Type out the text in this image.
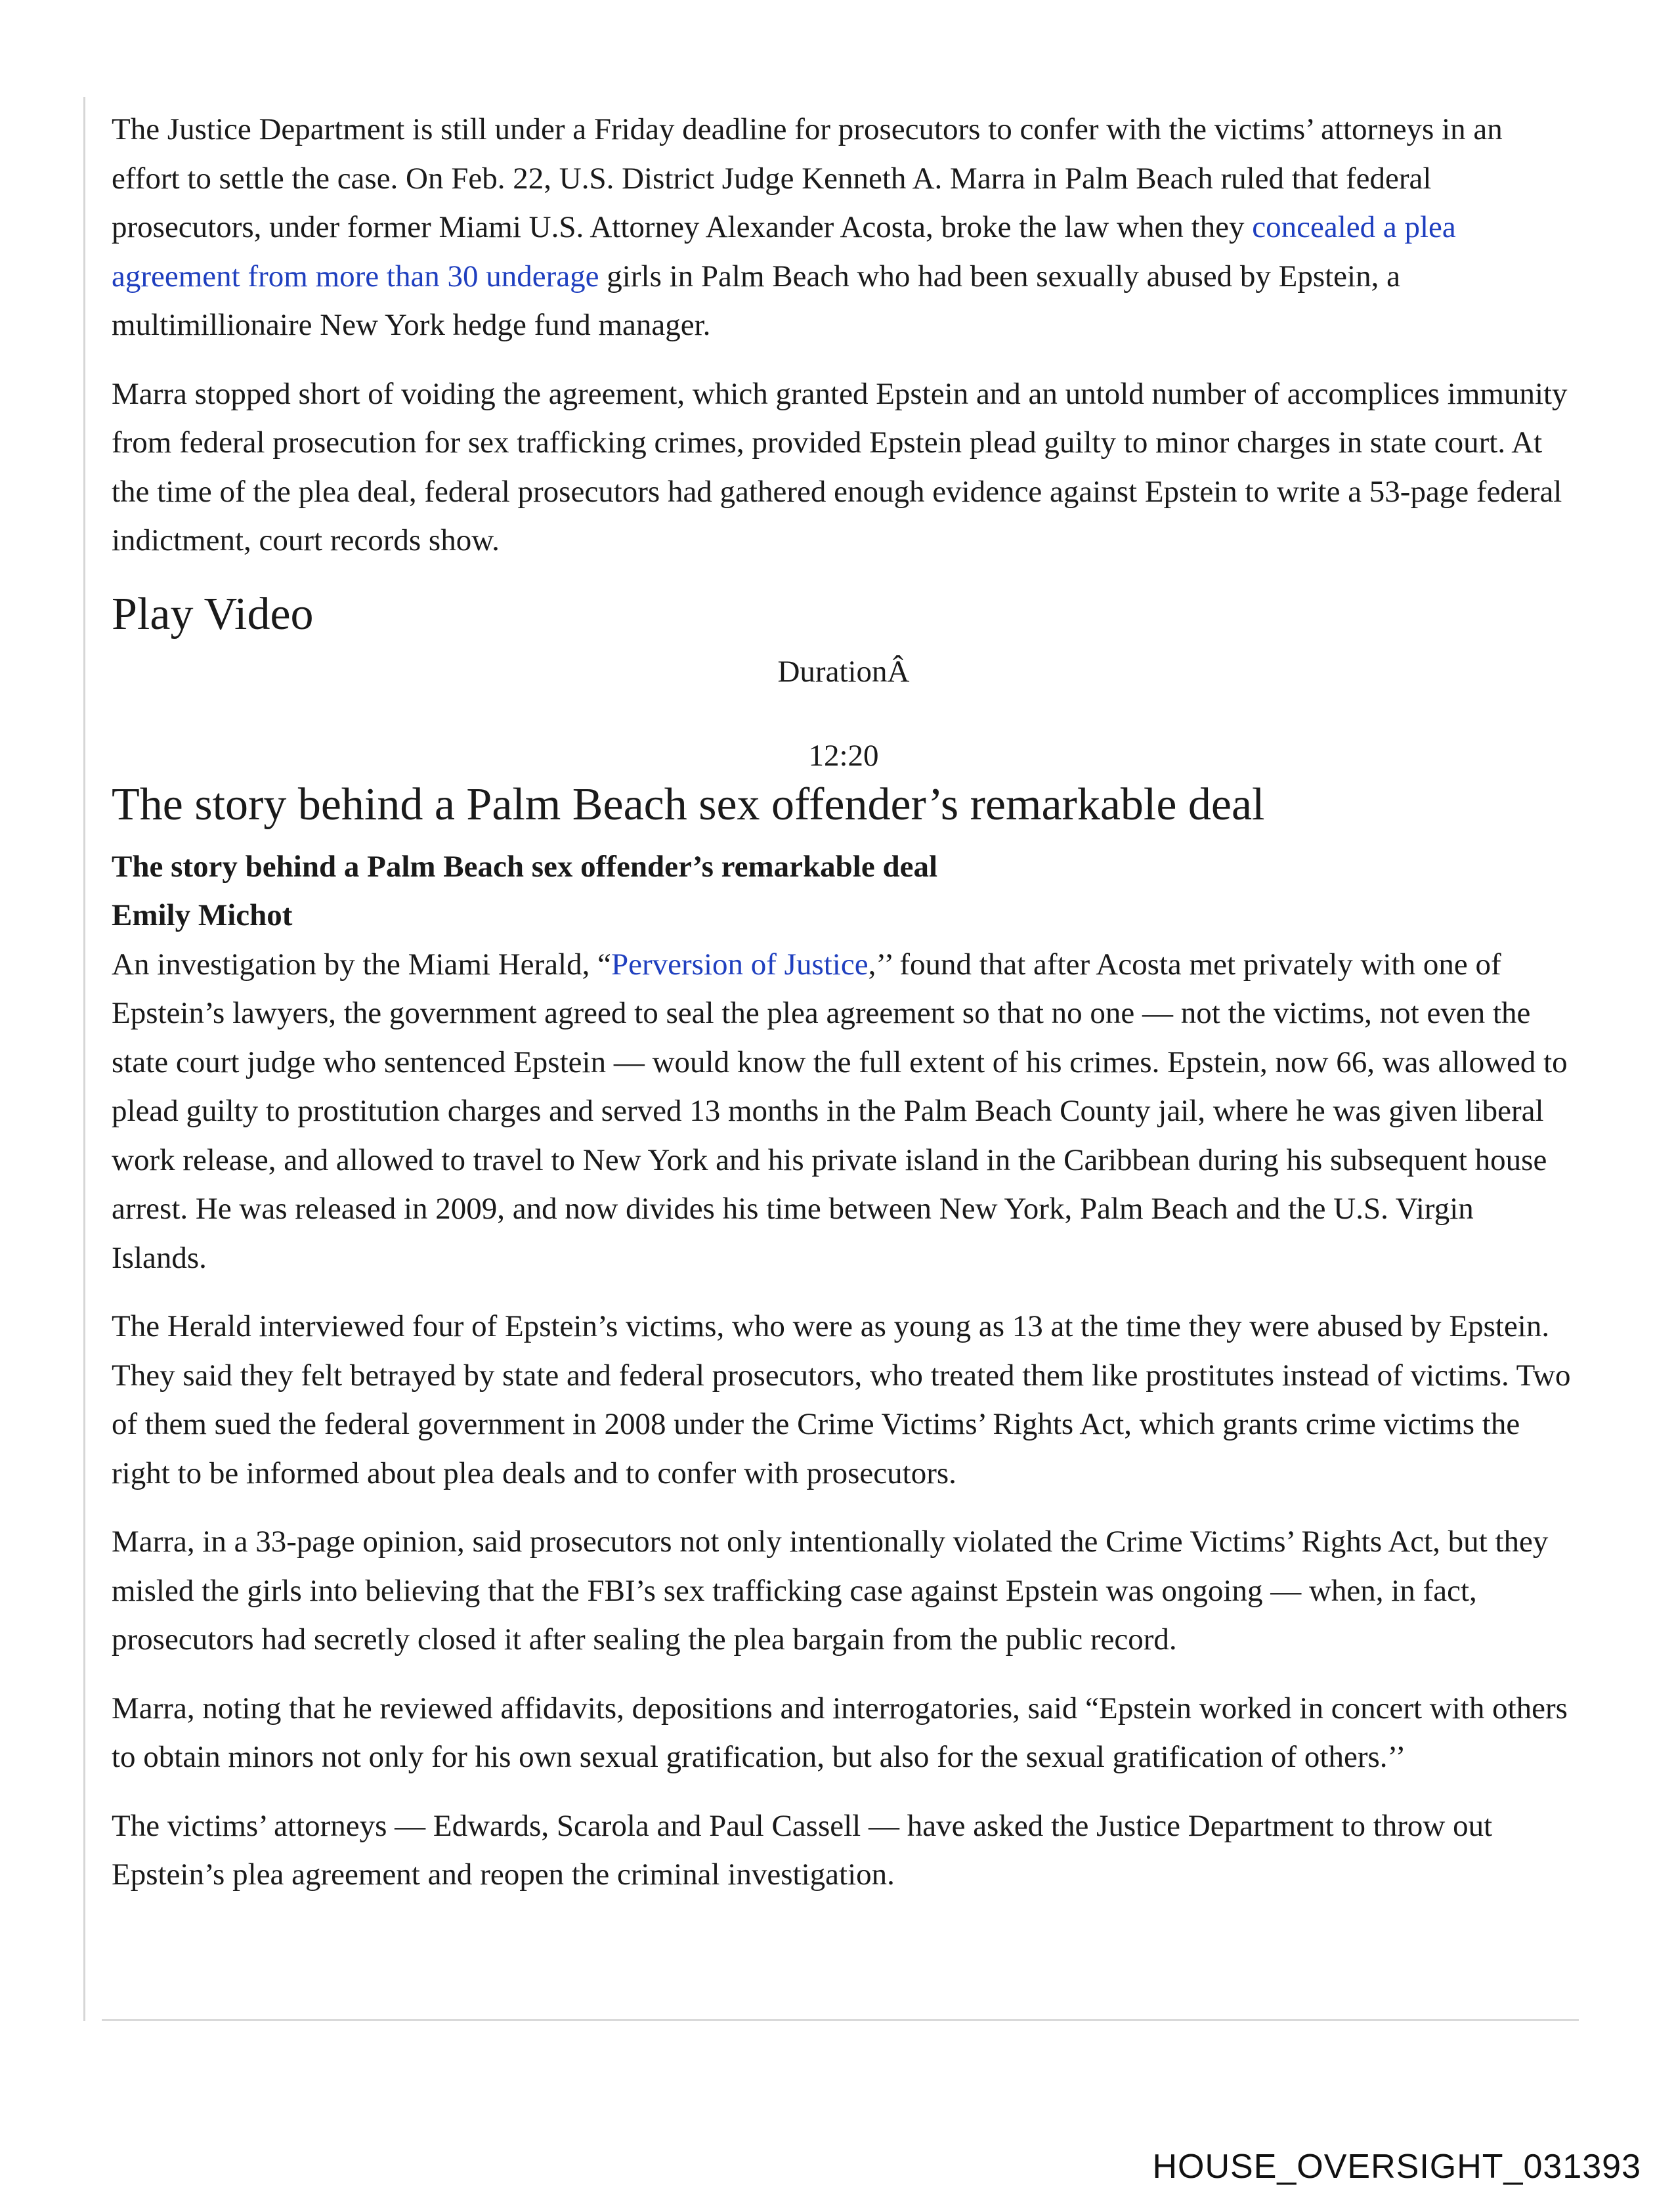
The Justice Department is still under a Friday deadline for prosecutors to confer with the victims’ attorneys in an effort to settle the case. On Feb. 22, U.S. District Judge Kenneth A. Marra in Palm Beach ruled that federal prosecutors, under former Miami U.S. Attorney Alexander Acosta, broke the law when they concealed a plea agreement from more than 30 underage girls in Palm Beach who had been sexually abused by Epstein, a multimillionaire New York hedge fund manager.

Marra stopped short of voiding the agreement, which granted Epstein and an untold number of accomplices immunity from federal prosecution for sex trafficking crimes, provided Epstein plead guilty to minor charges in state court. At the time of the plea deal, federal prosecutors had gathered enough evidence against Epstein to write a 53-page federal indictment, court records show.

Play Video

DurationÂ

12:20

The story behind a Palm Beach sex offender’s remarkable deal

The story behind a Palm Beach sex offender’s remarkable deal

Emily Michot

An investigation by the Miami Herald, “Perversion of Justice,’’ found that after Acosta met privately with one of Epstein’s lawyers, the government agreed to seal the plea agreement so that no one — not the victims, not even the state court judge who sentenced Epstein — would know the full extent of his crimes. Epstein, now 66, was allowed to plead guilty to prostitution charges and served 13 months in the Palm Beach County jail, where he was given liberal work release, and allowed to travel to New York and his private island in the Caribbean during his subsequent house arrest. He was released in 2009, and now divides his time between New York, Palm Beach and the U.S. Virgin Islands.

The Herald interviewed four of Epstein’s victims, who were as young as 13 at the time they were abused by Epstein. They said they felt betrayed by state and federal prosecutors, who treated them like prostitutes instead of victims. Two of them sued the federal government in 2008 under the Crime Victims’ Rights Act, which grants crime victims the right to be informed about plea deals and to confer with prosecutors.

Marra, in a 33-page opinion, said prosecutors not only intentionally violated the Crime Victims’ Rights Act, but they misled the girls into believing that the FBI’s sex trafficking case against Epstein was ongoing — when, in fact, prosecutors had secretly closed it after sealing the plea bargain from the public record.

Marra, noting that he reviewed affidavits, depositions and interrogatories, said “Epstein worked in concert with others to obtain minors not only for his own sexual gratification, but also for the sexual gratification of others.’’

The victims’ attorneys — Edwards, Scarola and Paul Cassell — have asked the Justice Department to throw out Epstein’s plea agreement and reopen the criminal investigation.

HOUSE_OVERSIGHT_031393
